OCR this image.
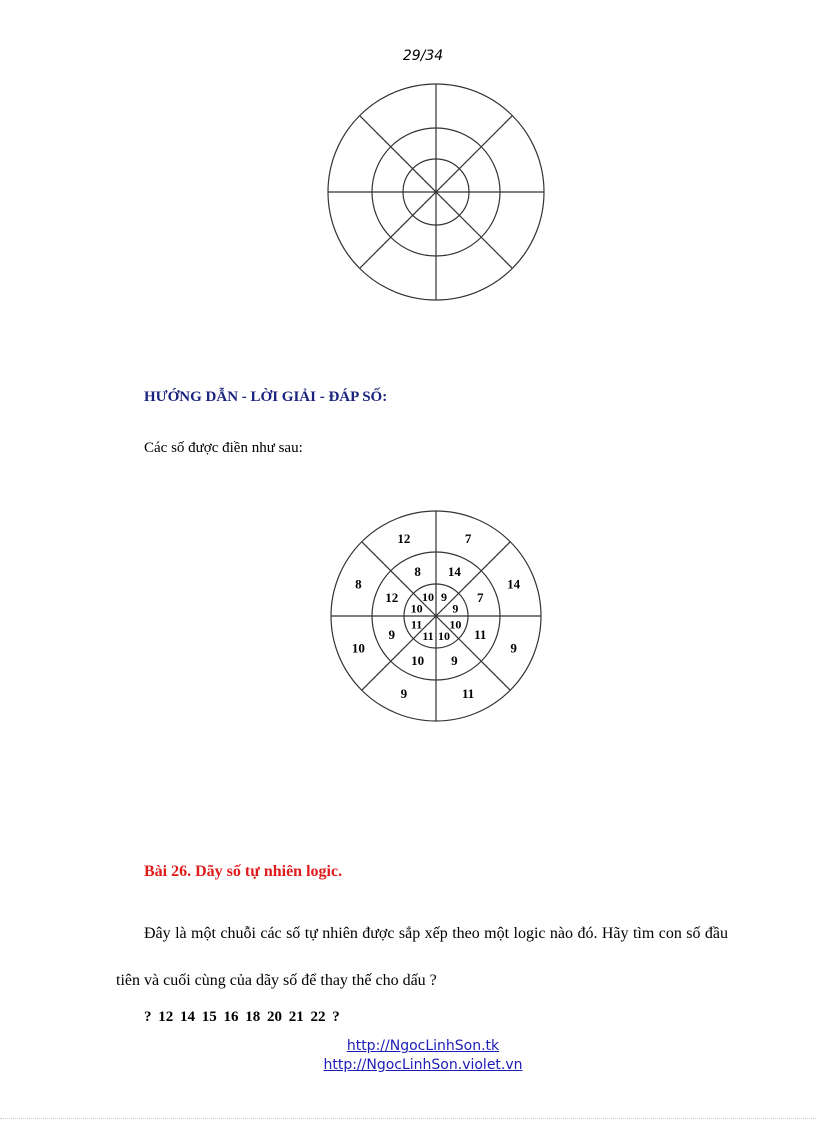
29/34
HƯỚNG DẪN - LỜI GIẢI - ĐÁP SỐ:
Các số được điền như sau:
7
14
9
11
9
10
8
12
14
7
11
9
10
9
12
8
9
9
10
10
11
11
10
10
Bài 26. Dãy số tự nhiên logic.
Đây là một chuỗi các số tự nhiên được sắp xếp theo một logic nào đó. Hãy tìm con số đầu tiên và cuối cùng của dãy số để thay thế cho dấu ?
? 12 14 15 16 18 20 21 22 ?
http://NgocLinhSon.tk
http://NgocLinhSon.violet.vn
